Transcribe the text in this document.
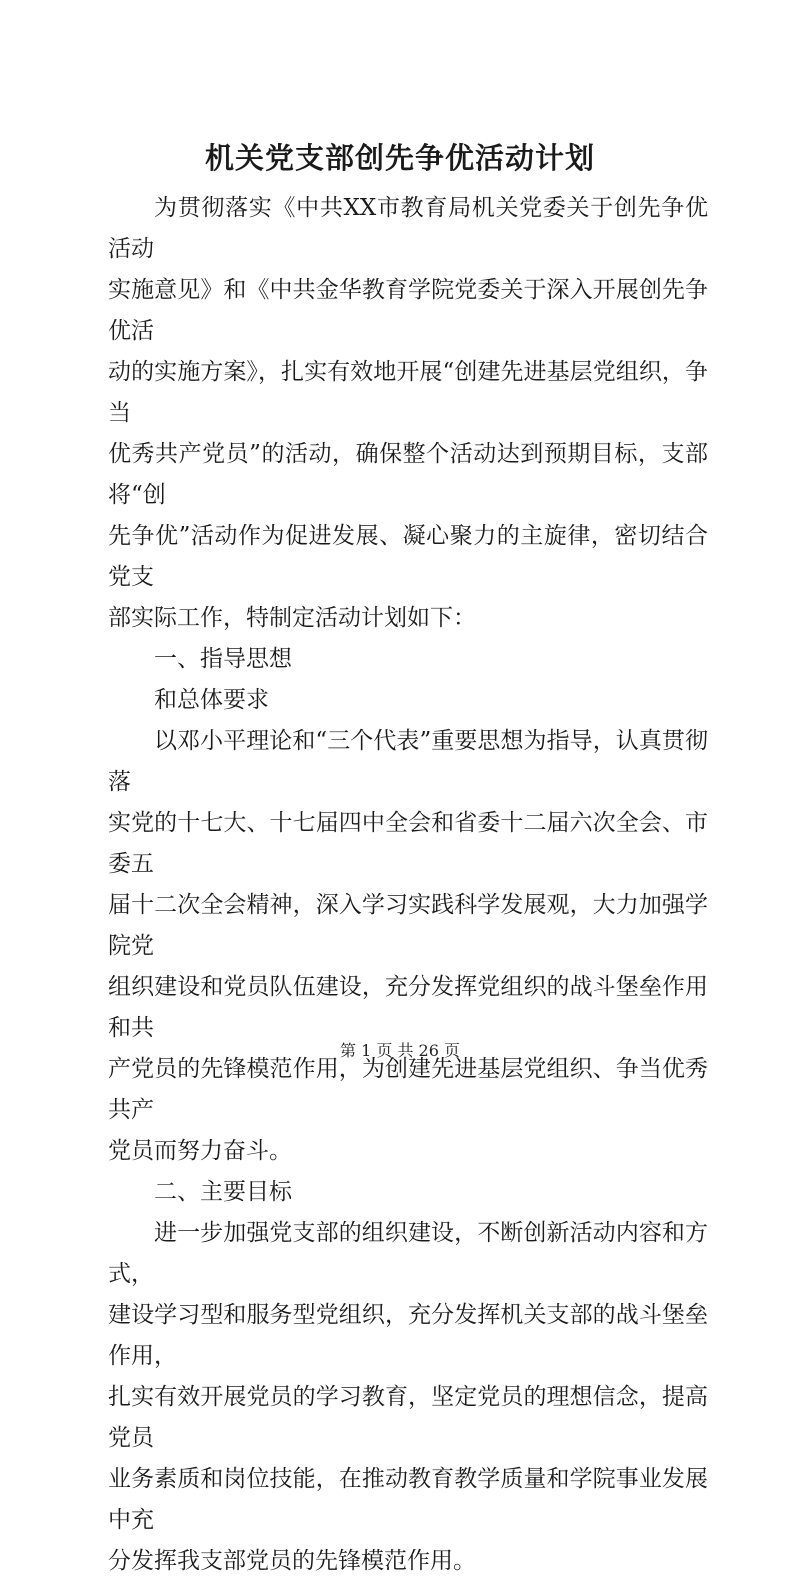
机关党支部创先争优活动计划

为贯彻落实《中共XX市教育局机关党委关于创先争优活动
实施意见》和《中共金华教育学院党委关于深入开展创先争优活
动的实施方案》，扎实有效地开展“创建先进基层党组织，争当
优秀共产党员”的活动，确保整个活动达到预期目标，支部将“创
先争优”活动作为促进发展、凝心聚力的主旋律，密切结合党支
部实际工作，特制定活动计划如下：

一、指导思想

和总体要求

以邓小平理论和“三个代表”重要思想为指导，认真贯彻落
实党的十七大、十七届四中全会和省委十二届六次全会、市委五
届十二次全会精神，深入学习实践科学发展观，大力加强学院党
组织建设和党员队伍建设，充分发挥党组织的战斗堡垒作用和共
产党员的先锋模范作用，为创建先进基层党组织、争当优秀共产
党员而努力奋斗。

二、主要目标

进一步加强党支部的组织建设，不断创新活动内容和方式，
建设学习型和服务型党组织，充分发挥机关支部的战斗堡垒作用，
扎实有效开展党员的学习教育，坚定党员的理想信念，提高党员
业务素质和岗位技能，在推动教育教学质量和学院事业发展中充
分发挥我支部党员的先锋模范作用。

第 1 页 共 26 页
